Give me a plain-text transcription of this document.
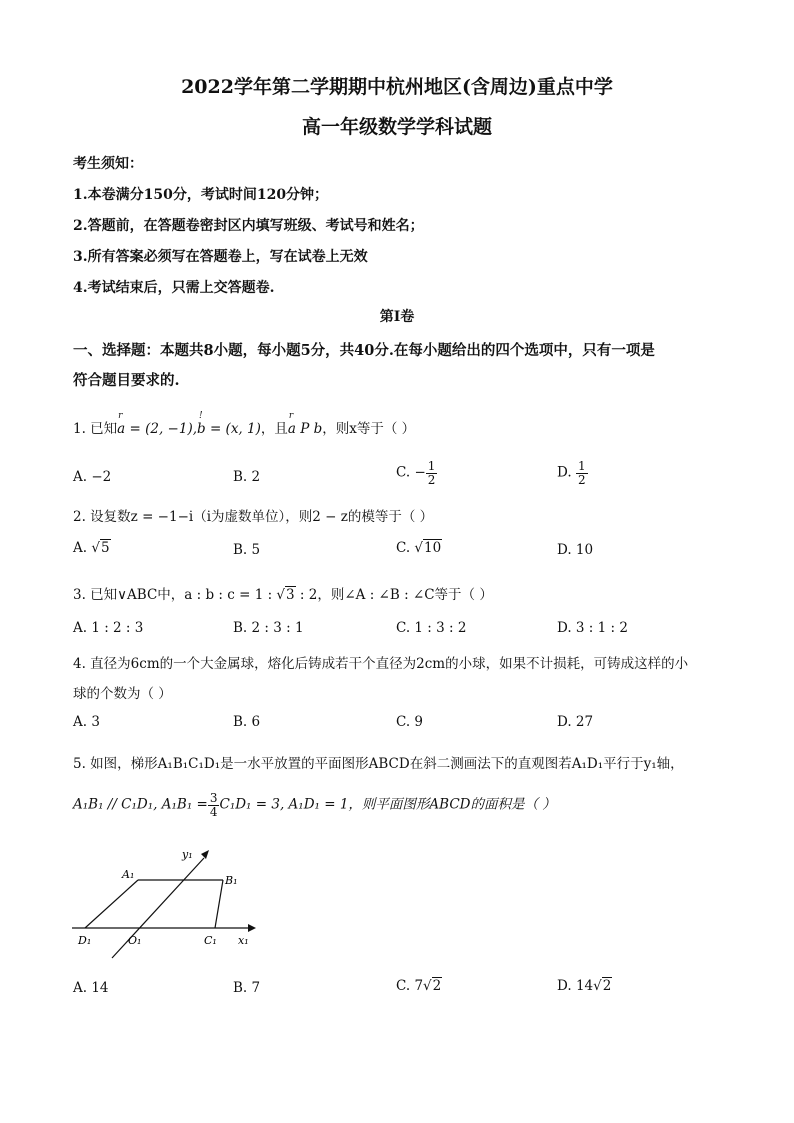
2022学年第二学期期中杭州地区(含周边)重点中学
高一年级数学学科试题
考生须知：
1.本卷满分150分，考试时间120分钟；
2.答题前，在答题卷密封区内填写班级、考试号和姓名；
3.所有答案必须写在答题卷上，写在试卷上无效
4.考试结束后，只需上交答题卷.
第Ⅰ卷
一、选择题：本题共8小题，每小题5分，共40分.在每小题给出的四个选项中，只有一项是
符合题目要求的.
1. 已知r a = (2, −1),! b = (x, 1)，且r a P b，则x等于（ ）
A. −2	B. 2	C. − $\frac{1}{2}$	D. $\frac{1}{2}$
2. 设复数z = −1−i（i为虚数单位），则2 − z的模等于（ ）
A. √5	B. 5	C. √10	D. 10
3. 已知∨ABC中，a : b : c = 1 : √3 : 2，则∠A : ∠B : ∠C等于（ ）
A. 1 : 2 : 3	B. 2 : 3 : 1	C. 1 : 3 : 2	D. 3 : 1 : 2
4. 直径为6cm的一个大金属球，熔化后铸成若干个直径为2cm的小球，如果不计损耗，可铸成这样的小
球的个数为（ ）
A. 3	B. 6	C. 9	D. 27
5. 如图，梯形A₁B₁C₁D₁是一水平放置的平面图形ABCD在斜二测画法下的直观图若A₁D₁平行于y₁轴，
A₁B₁ // C₁D₁, $A_1B_1 = \frac{3}{4} C_1D_1 = 3$, A₁D₁ = 1，则平面图形ABCD的面积是（ ）
y₁
A₁	B₁
D₁	O₁	C₁ x₁
A. 14	B. 7	C. 7√2	D. 14√2
